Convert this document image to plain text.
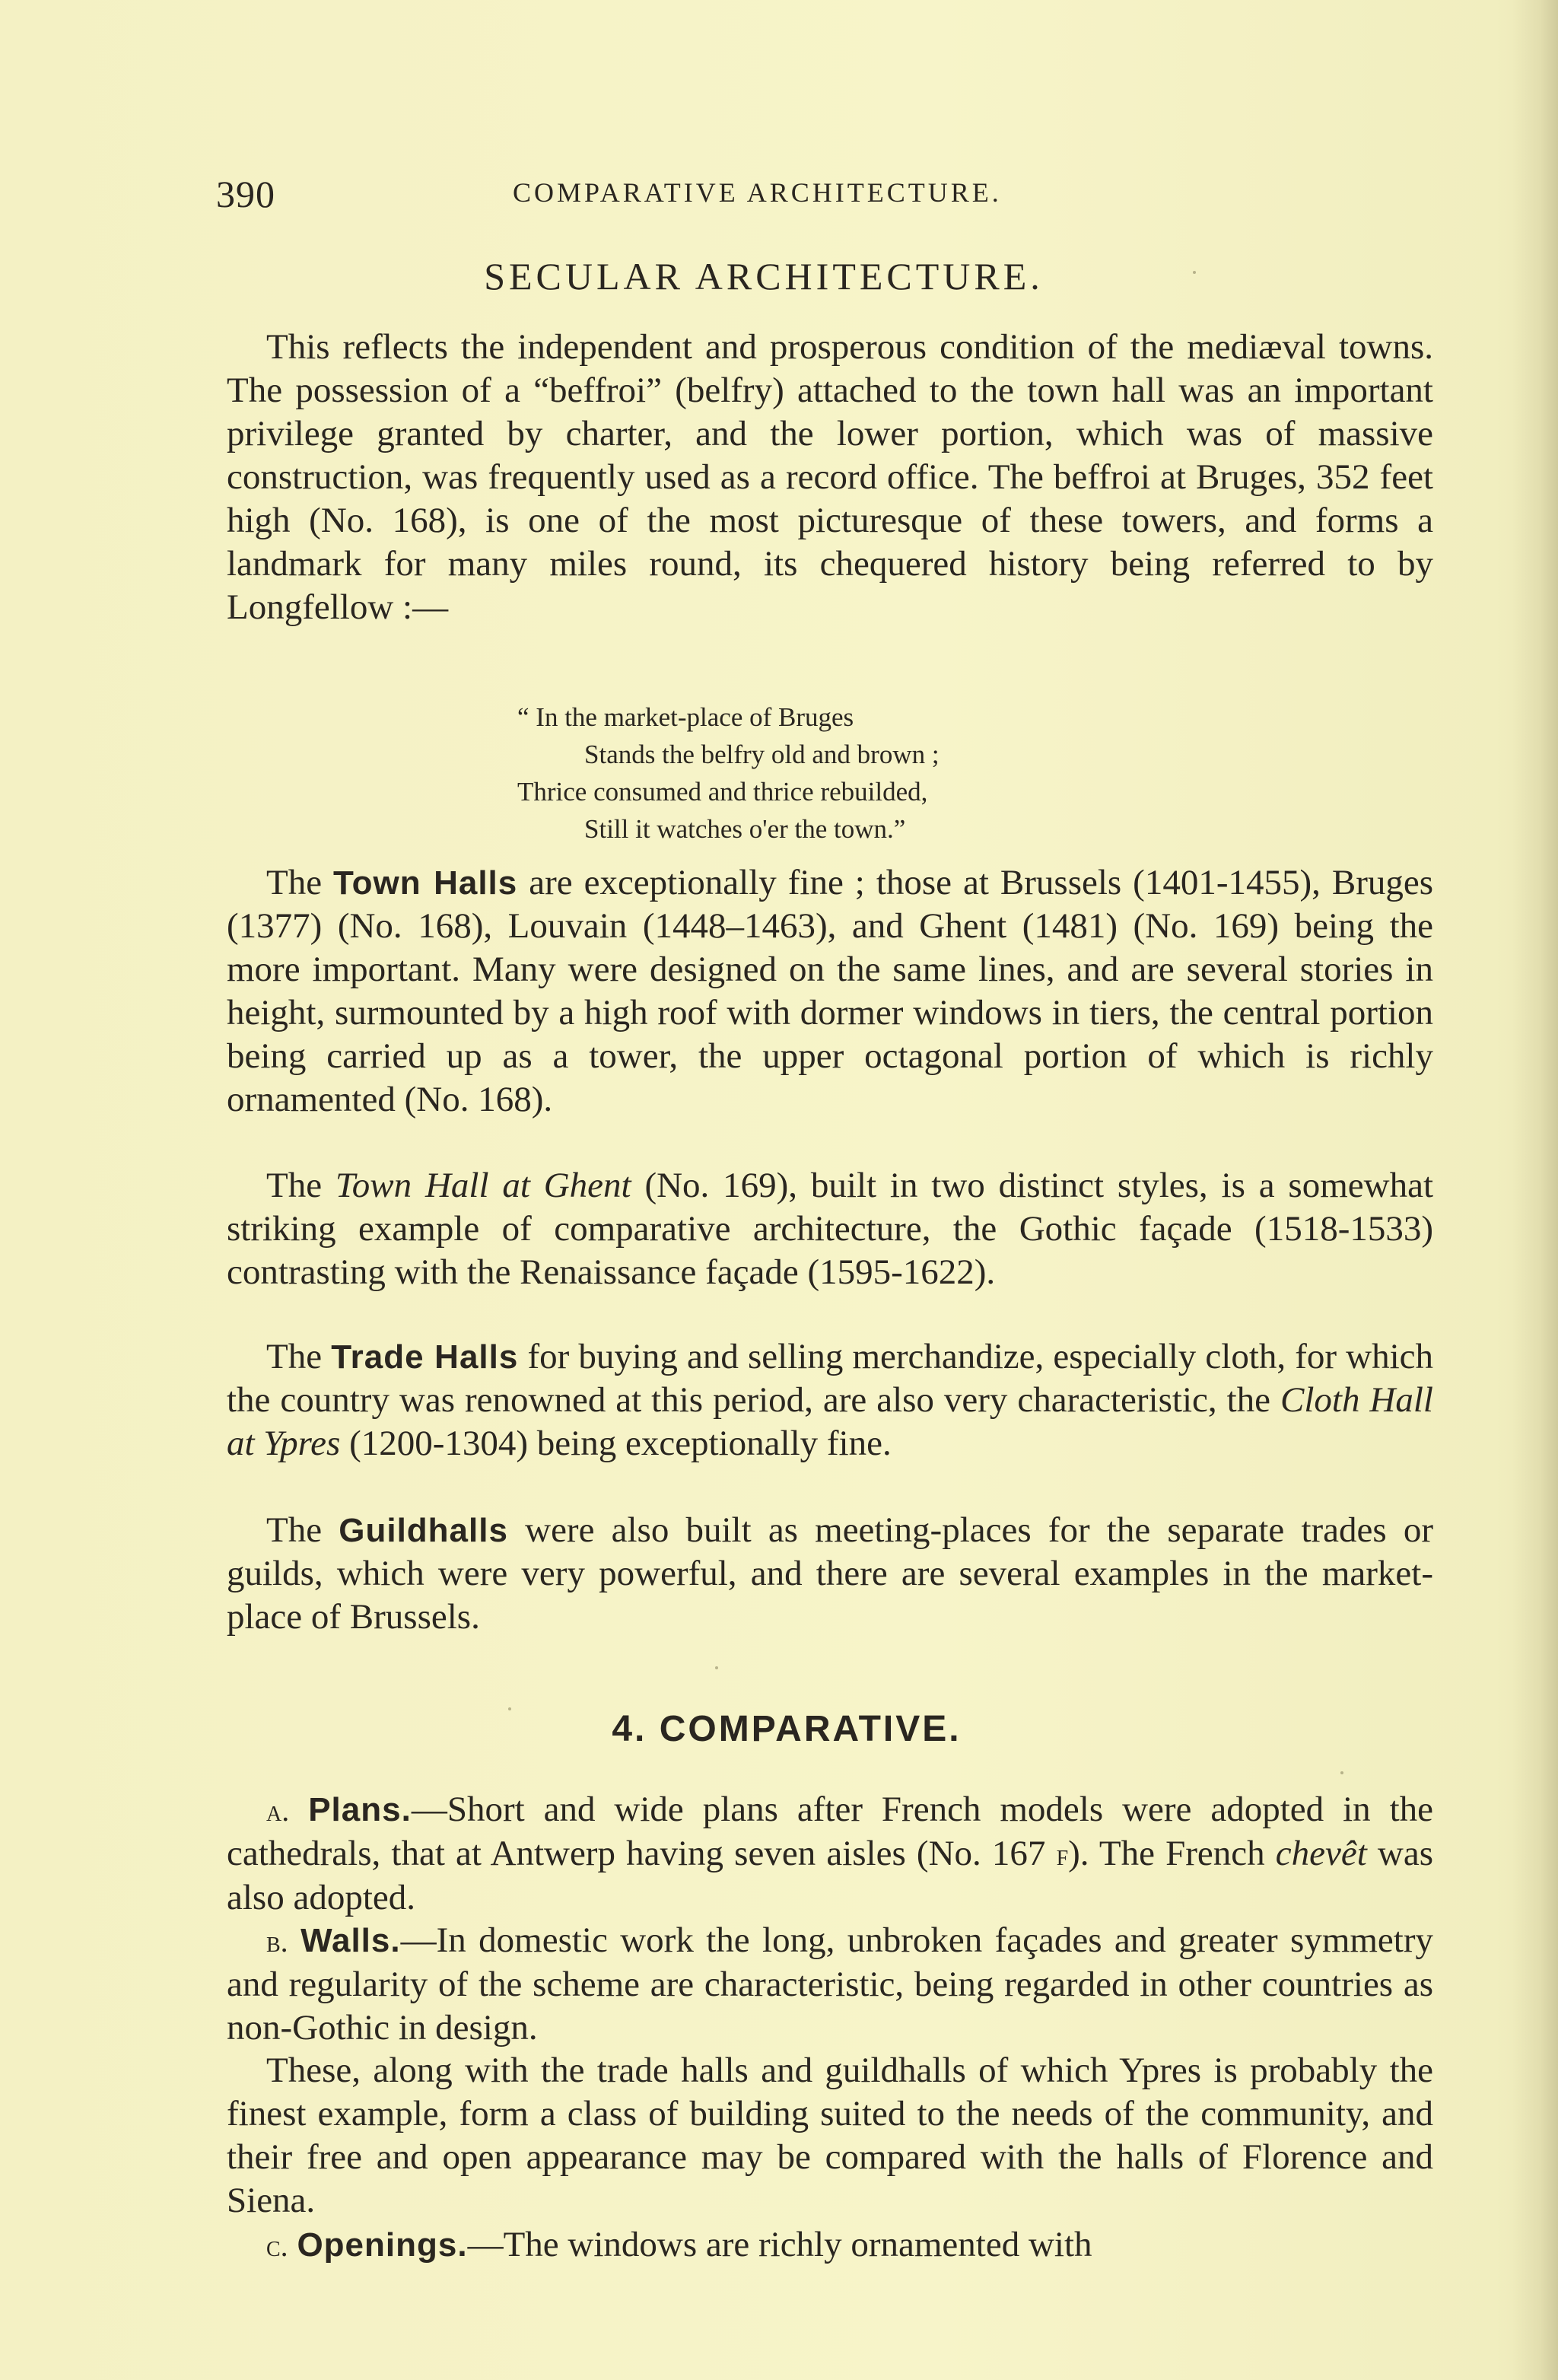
390	COMPARATIVE ARCHITECTURE.
SECULAR ARCHITECTURE.
This reflects the independent and prosperous condition of the mediæval towns. The possession of a “beffroi” (belfry) attached to the town hall was an important privilege granted by charter, and the lower portion, which was of massive construction, was frequently used as a record office. The beffroi at Bruges, 352 feet high (No. 168), is one of the most picturesque of these towers, and forms a landmark for many miles round, its chequered history being referred to by Longfellow :—
“ In the market-place of Bruges
Stands the belfry old and brown ;
Thrice consumed and thrice rebuilded,
Still it watches o'er the town.”
The Town Halls are exceptionally fine ; those at Brussels (1401-1455), Bruges (1377) (No. 168), Louvain (1448–1463), and Ghent (1481) (No. 169) being the more important. Many were designed on the same lines, and are several stories in height, surmounted by a high roof with dormer windows in tiers, the central portion being carried up as a tower, the upper octagonal portion of which is richly ornamented (No. 168).
The Town Hall at Ghent (No. 169), built in two distinct styles, is a somewhat striking example of comparative architecture, the Gothic façade (1518-1533) contrasting with the Renaissance façade (1595-1622).
The Trade Halls for buying and selling merchandize, especially cloth, for which the country was renowned at this period, are also very characteristic, the Cloth Hall at Ypres (1200-1304) being exceptionally fine.
The Guildhalls were also built as meeting-places for the separate trades or guilds, which were very powerful, and there are several examples in the market-place of Brussels.
4. COMPARATIVE.
a. Plans.—Short and wide plans after French models were adopted in the cathedrals, that at Antwerp having seven aisles (No. 167 f). The French chevêt was also adopted.
b. Walls.—In domestic work the long, unbroken façades and greater symmetry and regularity of the scheme are characteristic, being regarded in other countries as non-Gothic in design.
These, along with the trade halls and guildhalls of which Ypres is probably the finest example, form a class of building suited to the needs of the community, and their free and open appearance may be compared with the halls of Florence and Siena.
c. Openings.—The windows are richly ornamented with
